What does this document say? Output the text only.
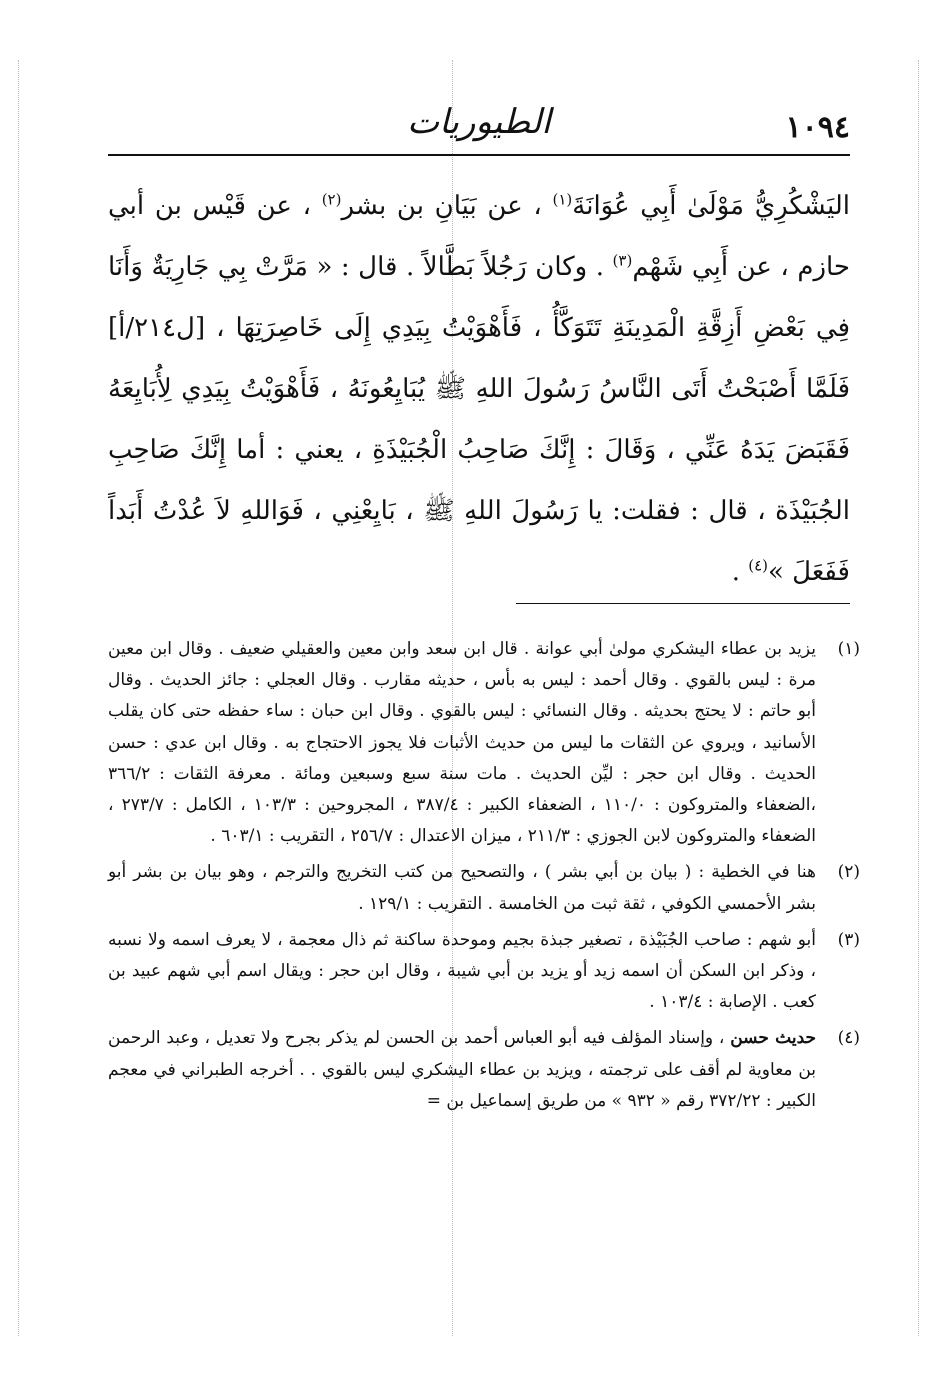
١٠٩٤
الطيوريات

اليَشْكُرِيُّ مَوْلَىٰ أَبِي عُوَانَةَ$^{(١)}$ ، عن بَيَانِ بن بشر$^{(٢)}$ ، عن قَيْس بن أبي حازم ، عن أَبِي شَهْم$^{(٣)}$ . وكان رَجُلاً بَطَّالاً . قال : « مَرَّتْ بِي جَارِيَةٌ وَأَنَا فِي بَعْضِ أَزِقَّةِ الْمَدِينَةِ تَتَوَكَّأُ ، فَأَهْوَيْتُ بِيَدِي إِلَى خَاصِرَتِهَا ، [ل٢١٤/أ] فَلَمَّا أَصْبَحْتُ أَتَى النَّاسُ رَسُولَ اللهِ ﷺ يُبَايِعُونَهُ ، فَأَهْوَيْتُ بِيَدِي لِأُبَايِعَهُ فَقَبَضَ يَدَهُ عَنِّي ، وَقَالَ : إِنَّكَ صَاحِبُ الْجُبَيْذَةِ ، يعني : أما إِنَّكَ صَاحِبِ الجُبَيْذَة ، قال : فقلت: يا رَسُولَ اللهِ ﷺ ، بَايِعْنِي ، فَوَاللهِ لاَ عُدْتُ أَبَداً فَفَعَلَ »$^{(٤)}$ .

(١)
يزيد بن عطاء اليشكري مولىٰ أبي عوانة . قال ابن سعد وابن معين والعقيلي ضعيف . وقال ابن معين مرة : ليس بالقوي . وقال أحمد : ليس به بأس ، حديثه مقارب . وقال العجلي : جائز الحديث . وقال أبو حاتم : لا يحتج بحديثه . وقال النسائي : ليس بالقوي . وقال ابن حبان : ساء حفظه حتى كان يقلب الأسانيد ، ويروي عن الثقات ما ليس من حديث الأثبات فلا يجوز الاحتجاج به . وقال ابن عدي : حسن الحديث . وقال ابن حجر : ليِّن الحديث . مات سنة سبع وسبعين ومائة . معرفة الثقات : ٣٦٦/٢ ،الضعفاء والمتروكون : ١١٠/٠ ، الضعفاء الكبير : ٣٨٧/٤ ، المجروحين : ١٠٣/٣ ، الكامل : ٢٧٣/٧ ، الضعفاء والمتروكون لابن الجوزي : ٢١١/٣ ، ميزان الاعتدال : ٢٥٦/٧ ، التقريب : ٦٠٣/١ .
(٢)
هنا في الخطية : ( بيان بن أبي بشر ) ، والتصحيح من كتب التخريج والترجم ، وهو بيان بن بشر أبو بشر الأحمسي الكوفي ، ثقة ثبت من الخامسة . التقريب : ١٢٩/١ .
(٣)
أبو شهم : صاحب الجُبَيْذة ، تصغير جبذة بجيم وموحدة ساكنة ثم ذال معجمة ، لا يعرف اسمه ولا نسبه ، وذكر ابن السكن أن اسمه زيد أو يزيد بن أبي شيبة ، وقال ابن حجر : ويقال اسم أبي شهم عبيد بن كعب . الإصابة : ١٠٣/٤ .
(٤)
حديث حسن ، وإسناد المؤلف فيه أبو العباس أحمد بن الحسن لم يذكر بجرح ولا تعديل ، وعبد الرحمن بن معاوية لم أقف على ترجمته ، ويزيد بن عطاء اليشكري ليس بالقوي . . أخرجه الطبراني في معجم الكبير : ٣٧٢/٢٢ رقم « ٩٣٢ » من طريق إسماعيل بن =
